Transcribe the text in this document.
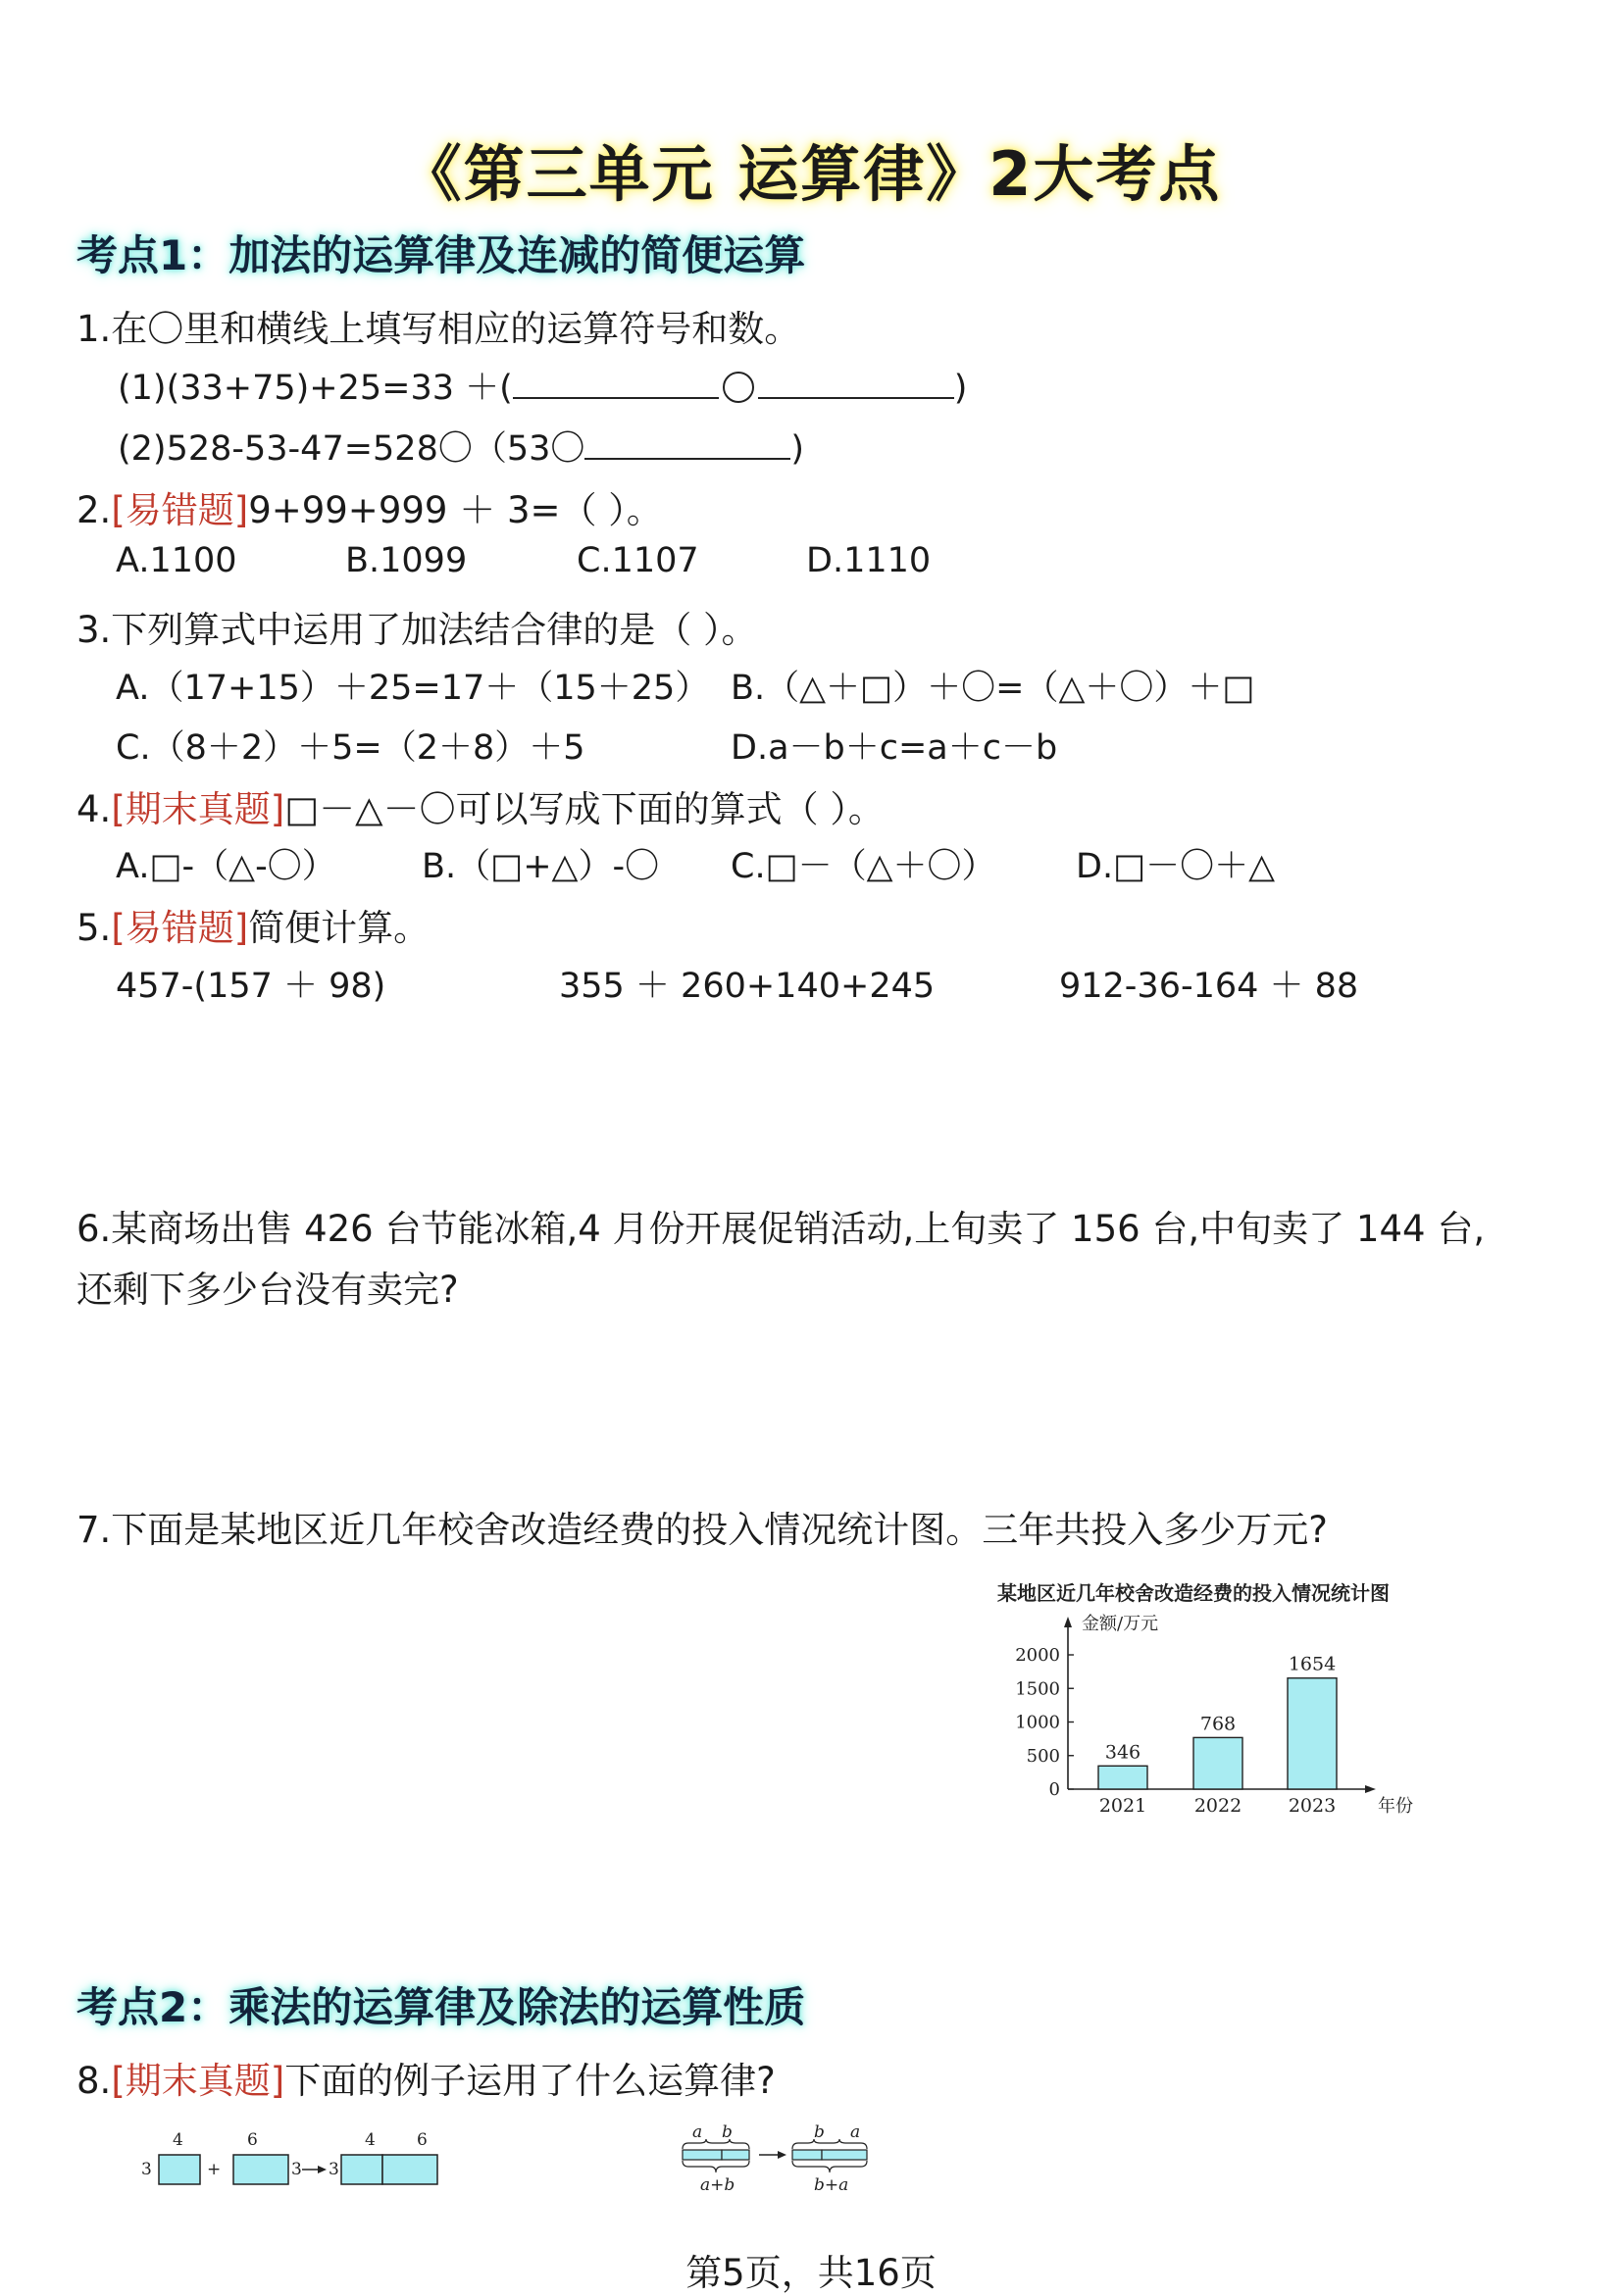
《第三单元 运算律》2大考点
考点1：加法的运算律及连减的简便运算
1.在〇里和横线上填写相应的运算符号和数。
(1)(33+75)+25=33 ＋(	)
(2)528-53-47=528〇（53〇	)
2.[易错题]9+99+999 ＋ 3=（ ）。
A.1100	B.1099	C.1107	D.1110
3.下列算式中运用了加法结合律的是（ ）。
A.（17+15）＋25=17＋（15＋25） B.（△＋□）＋〇=（△＋〇）＋□
C.（8＋2）＋5=（2＋8）＋5	D.a－b＋c=a＋c－b
4.[期末真题]□－△－〇可以写成下面的算式（ ）。
A.□-（△-〇） B.（□+△）-〇 C.□－（△＋〇） D.□－〇＋△
5.[易错题]简便计算。
457-(157 ＋ 98)	355 ＋ 260+140+245	912-36-164 ＋ 88
6.某商场出售 426 台节能冰箱,4 月份开展促销活动,上旬卖了 156 台,中旬卖了 144 台,
还剩下多少台没有卖完?
7.下面是某地区近几年校舍改造经费的投入情况统计图。三年共投入多少万元?
某地区近几年校舍改造经费的投入情况统计图
金额/万元
年份
0
500
1000
1500
2000
346
2021
768
2022
1654
2023
考点2：乘法的运算律及除法的运算性质
8.[期末真题]下面的例子运用了什么运算律?
4	6
3	+	3 3
4 6	a b
a+b
b a
b+a
第5页，共16页
